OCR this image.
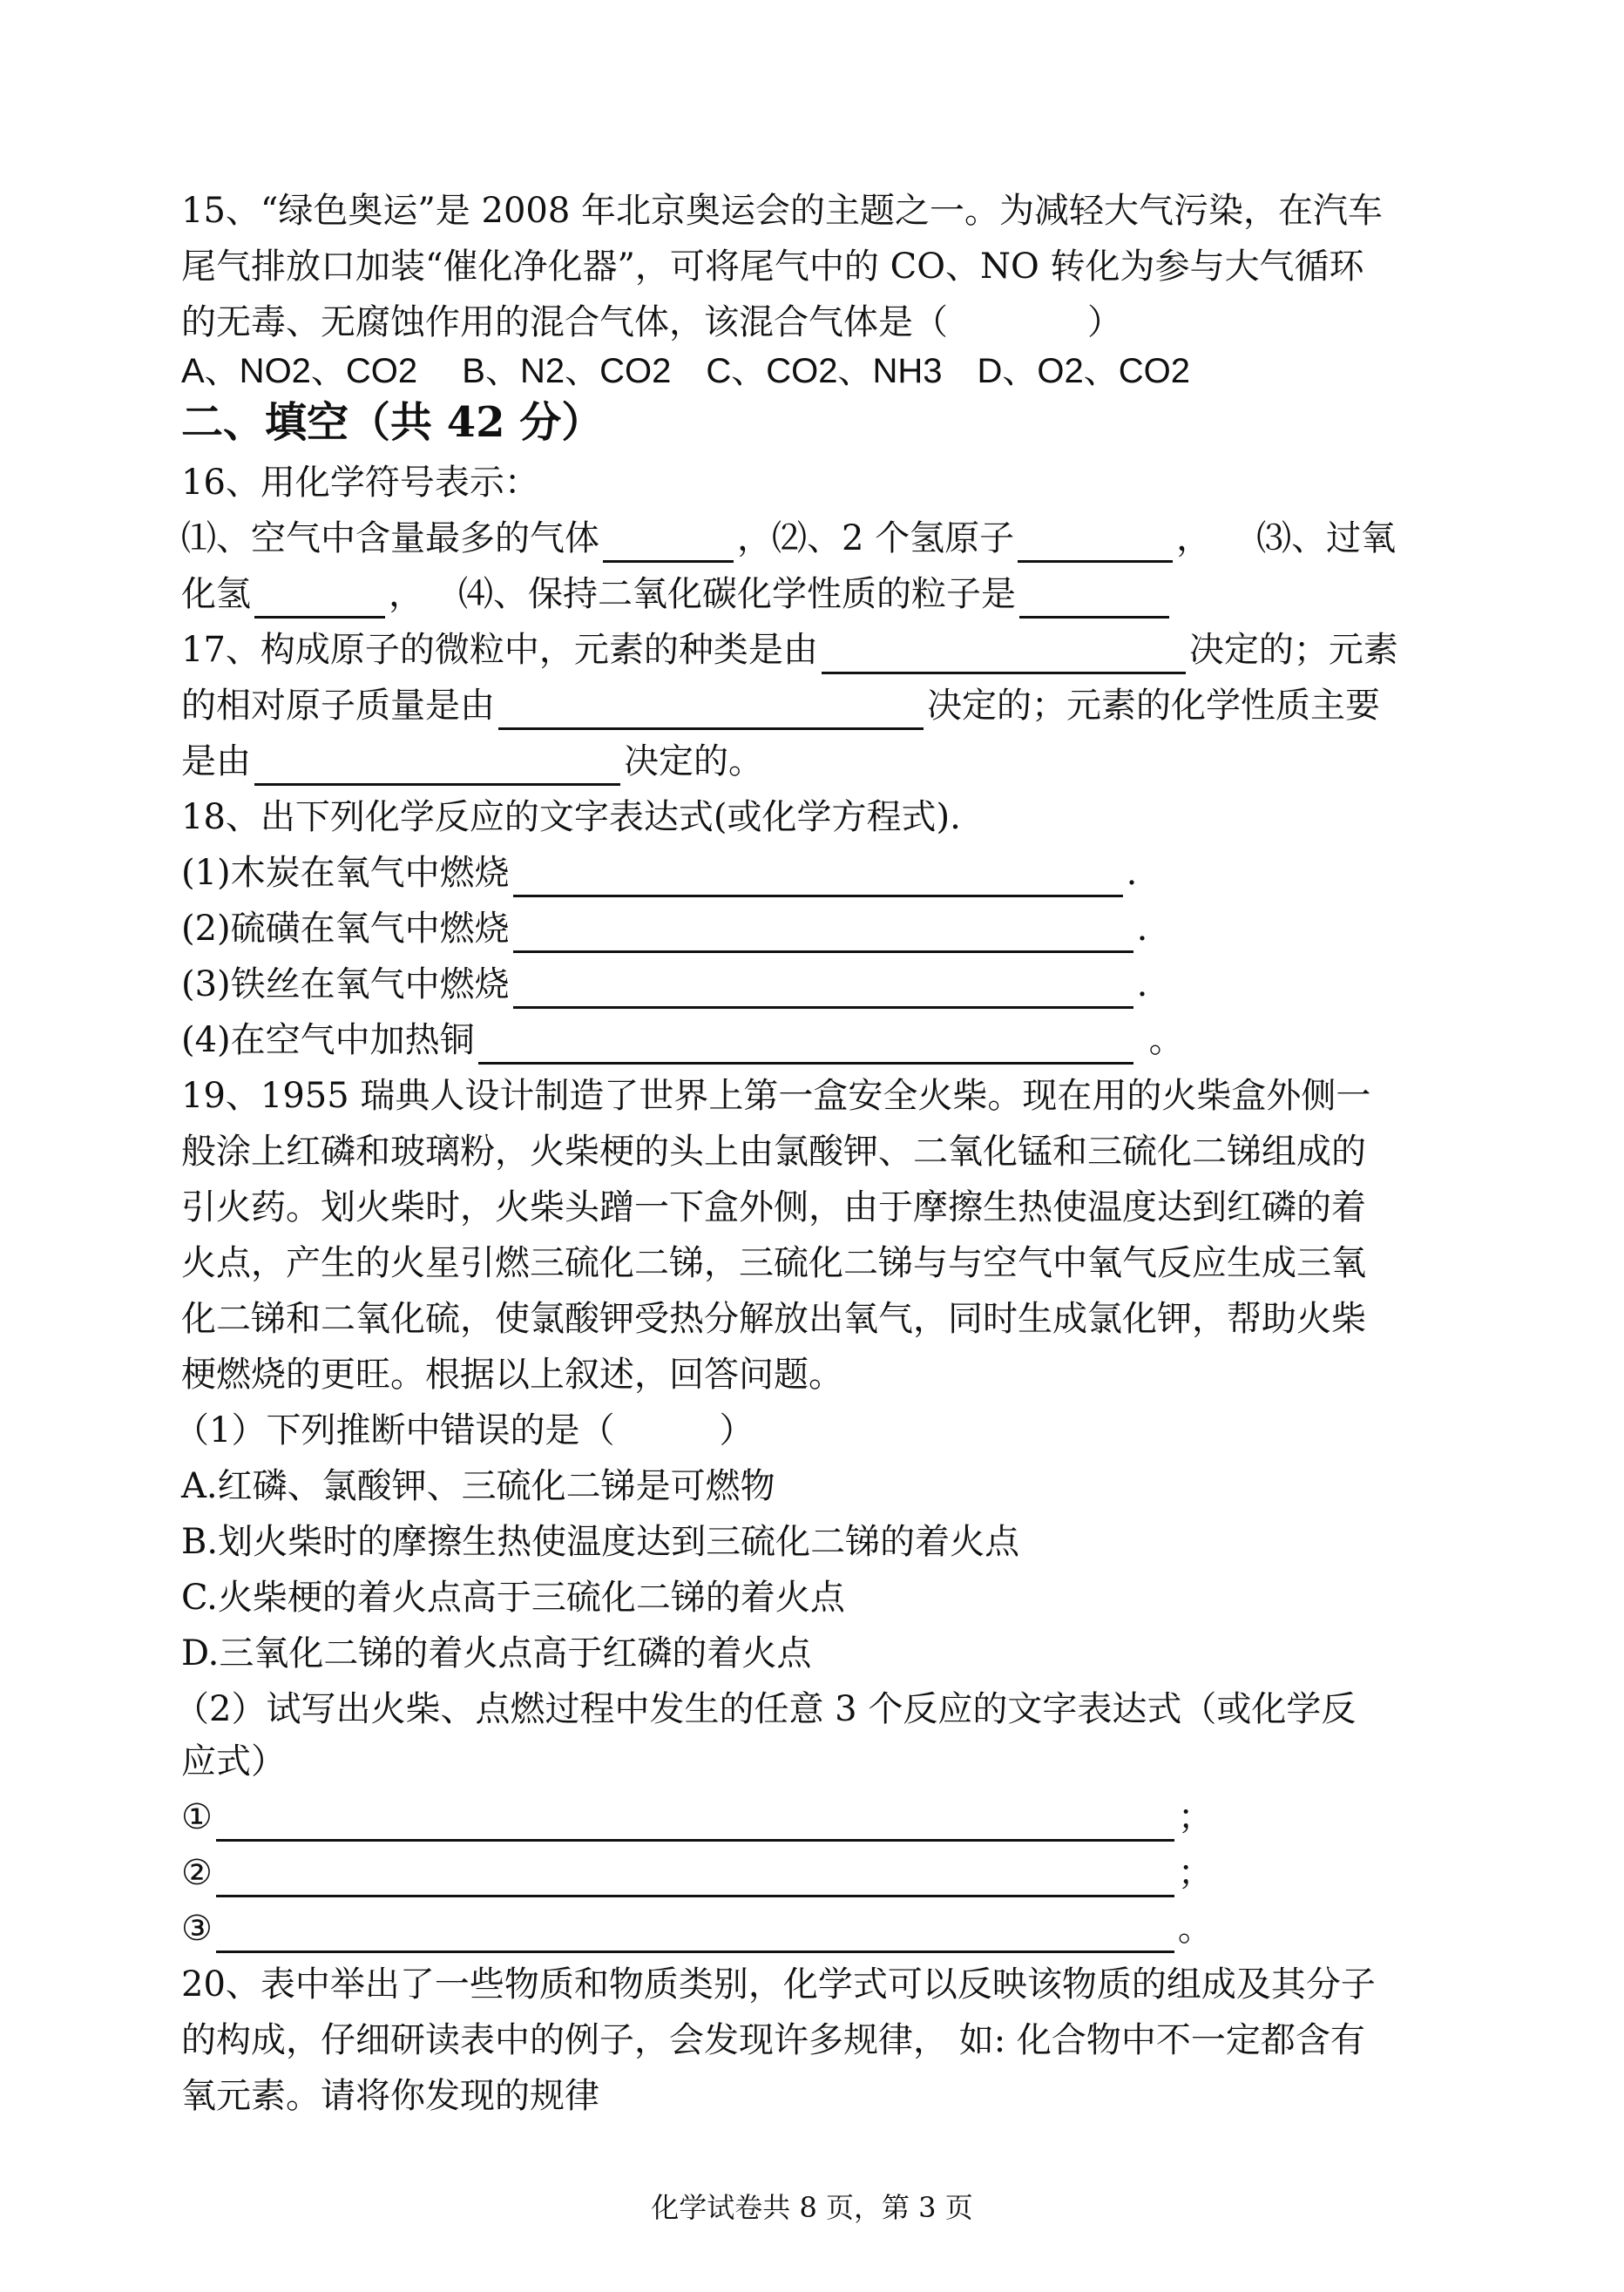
15、“绿色奥运”是 2008 年北京奥运会的主题之一。为减轻大气污染，在汽车
尾气排放口加装“催化净化器”，可将尾气中的 CO、NO 转化为参与大气循环
的无毒、无腐蚀作用的混合气体，该混合气体是（　　　　）
A、NO2、CO2　 B、N2、CO2　C、CO2、NH3　D、O2、CO2
二、填空（共 42 分）
16、用化学符号表示：
⑴、空气中含量最多的气体	，⑵、2 个氢原子	， ⑶、过氧
化氢	， ⑷、保持二氧化碳化学性质的粒子是
17、构成原子的微粒中，元素的种类是由	决定的；元素
的相对原子质量是由	决定的；元素的化学性质主要
是由	决定的。
18、出下列化学反应的文字表达式(或化学方程式).
(1)木炭在氧气中燃烧	.
(2)硫磺在氧气中燃烧	.
(3)铁丝在氧气中燃烧	.
(4)在空气中加热铜	。
19、1955 瑞典人设计制造了世界上第一盒安全火柴。现在用的火柴盒外侧一
般涂上红磷和玻璃粉，火柴梗的头上由氯酸钾、二氧化锰和三硫化二锑组成的
引火药。划火柴时，火柴头蹭一下盒外侧，由于摩擦生热使温度达到红磷的着
火点，产生的火星引燃三硫化二锑，三硫化二锑与与空气中氧气反应生成三氧
化二锑和二氧化硫，使氯酸钾受热分解放出氧气，同时生成氯化钾，帮助火柴
梗燃烧的更旺。根据以上叙述，回答问题。
（1）下列推断中错误的是（　　　）
A.红磷、氯酸钾、三硫化二锑是可燃物
B.划火柴时的摩擦生热使温度达到三硫化二锑的着火点
C.火柴梗的着火点高于三硫化二锑的着火点
D.三氧化二锑的着火点高于红磷的着火点
（2）试写出火柴、点燃过程中发生的任意 3 个反应的文字表达式（或化学反
应式）
①	；
②	；
③	。
20、表中举出了一些物质和物质类别，化学式可以反映该物质的组成及其分子
的构成，仔细研读表中的例子，会发现许多规律， 如: 化合物中不一定都含有
氧元素。请将你发现的规律
化学试卷共 8 页，第 3 页
